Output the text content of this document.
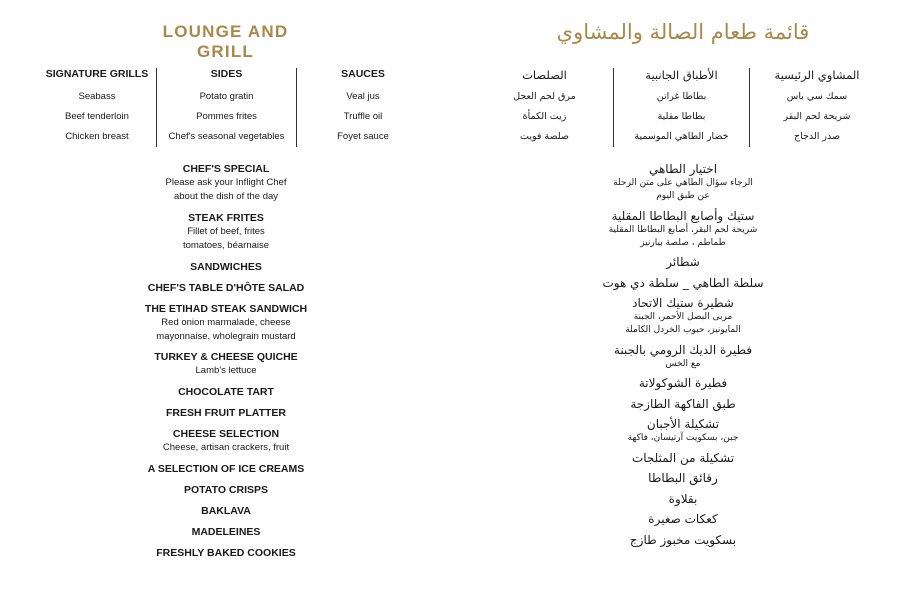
LOUNGE AND GRILL
SIGNATURE GRILLS
Seabass
Beef tenderloin
Chicken breast
SIDES
Potato gratin
Pommes frites
Chef's seasonal vegetables
SAUCES
Veal jus
Truffle oil
Foyet sauce
CHEF'S SPECIAL
Please ask your Inflight Chef
about the dish of the day
STEAK FRITES
Fillet of beef, frites
tomatoes, béarnaise
SANDWICHES
CHEF'S TABLE D'HÔTE SALAD
THE ETIHAD STEAK SANDWICH
Red onion marmalade, cheese
mayonnaise, wholegrain mustard
TURKEY & CHEESE QUICHE
Lamb's lettuce
CHOCOLATE TART
FRESH FRUIT PLATTER
CHEESE SELECTION
Cheese, artisan crackers, fruit
A SELECTION OF ICE CREAMS
POTATO CRISPS
BAKLAVA
MADELEINES
FRESHLY BAKED COOKIES
قائمة طعام الصالة والمشاوي
الصلصات
مرق لحم العجل
زيت الكمأة
صلصة فويت
الأطباق الجانبية
بطاطا غراتن
بطاطا مقلية
خضار الطاهي الموسمية
المشاوي الرئيسية
سمك سي باس
شريحة لحم البقر
صدر الدجاج
اختيار الطاهي
الرجاء سؤال الطاهي على متن الرحلة
عن طبق اليوم
ستيك وأصابع البطاطا المقلية
شريحة لحم البقر، أصابع البطاطا المقلية
طماطم ، صلصة بيارنيز
شطائر
سلطة الطاهي _ سلطة دي هوت
شطيرة ستيك الاتحاد
مربى البصل الأحمر، الجبنة
المايونيز، حبوب الخردل الكاملة
فطيرة الديك الرومي بالجبنة
مع الخس
فطيرة الشوكولاتة
طبق الفاكهة الطازجة
تشكيلة الأجبان
جبن، بسكويت آرتيسان، فاكهة
تشكيلة من المثلجات
رقائق البطاطا
بقلاوة
كعكات صغيرة
بسكويت مخبوز طازج
